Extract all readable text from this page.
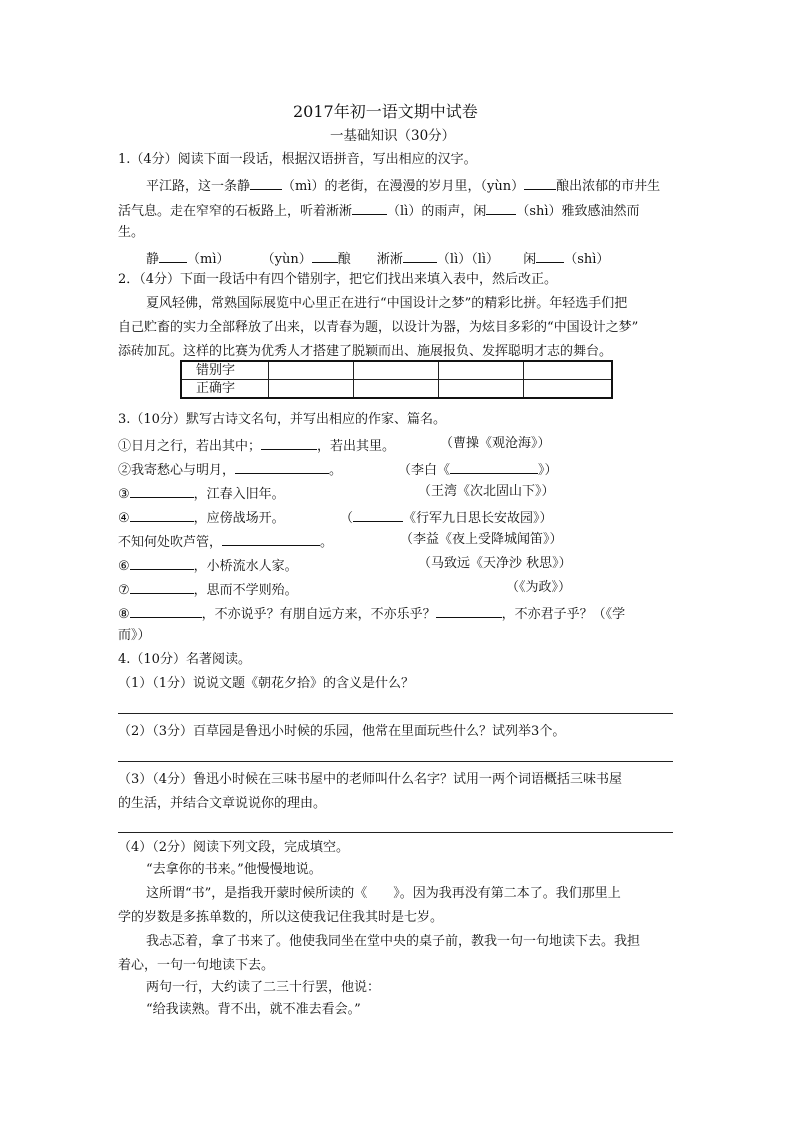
2017年初一语文期中试卷
一基础知识（30分）
1.（4分）阅读下面一段话，根据汉语拼音，写出相应的汉字。
平江路，这一条静 （mì）的老街，在漫漫的岁月里，（yùn） 酿出浓郁的市井生
活气息。走在窄窄的石板路上，听着淅淅	（lì）的雨声，闲 （shì）雅致感油然而
生。
静 （mì） （yùn） 酿 淅淅	（lì）（lì） 闲 （shì）
2．（4分）下面一段话中有四个错别字，把它们找出来填入表中，然后改正。
夏风轻佛，常熟国际展览中心里正在进行“中国设计之梦”的精彩比拼。年轻选手们把
自己贮畜的实力全部释放了出来，以青春为题，以设计为器，为炫目多彩的“中国设计之梦”
添砖加瓦。这样的比赛为优秀人才搭建了脱颖而出、施展报负、发挥聪明才志的舞台。
错别字				
正确字				
3.（10分）默写古诗文名句，并写出相应的作家、篇名。
①日月之行，若出其中；	，若出其里。	（曹操《观沧海》）
②我寄愁心与明月，	。	（李白《	》）
③	，江春入旧年。	（王湾《次北固山下》）
④	，应傍战场开。	（	《行军九日思长安故园》）
不知何处吹芦管，	。	（李益《夜上受降城闻笛》）
⑥	，小桥流水人家。	（马致远《天净沙 秋思》）
⑦	，思而不学则殆。	（《为政》）
⑧	，不亦说乎？有朋自远方来，不亦乐乎？	，不亦君子乎？（《学
而》）
4.（10分）名著阅读。
（1）（1分）说说文题《朝花夕拾》的含义是什么？
（2）（3分）百草园是鲁迅小时候的乐园，他常在里面玩些什么？试列举3个。
（3）（4分）鲁迅小时候在三味书屋中的老师叫什么名字？试用一两个词语概括三味书屋
的生活，并结合文章说说你的理由。
（4）（2分）阅读下列文段，完成填空。
“去拿你的书来。”他慢慢地说。
这所谓“书”，是指我开蒙时候所读的《　　》。因为我再没有第二本了。我们那里上
学的岁数是多拣单数的，所以这使我记住我其时是七岁。
我忐忑着，拿了书来了。他使我同坐在堂中央的桌子前，教我一句一句地读下去。我担
着心，一句一句地读下去。
两句一行，大约读了二三十行罢，他说：
“给我读熟。背不出，就不准去看会。”
